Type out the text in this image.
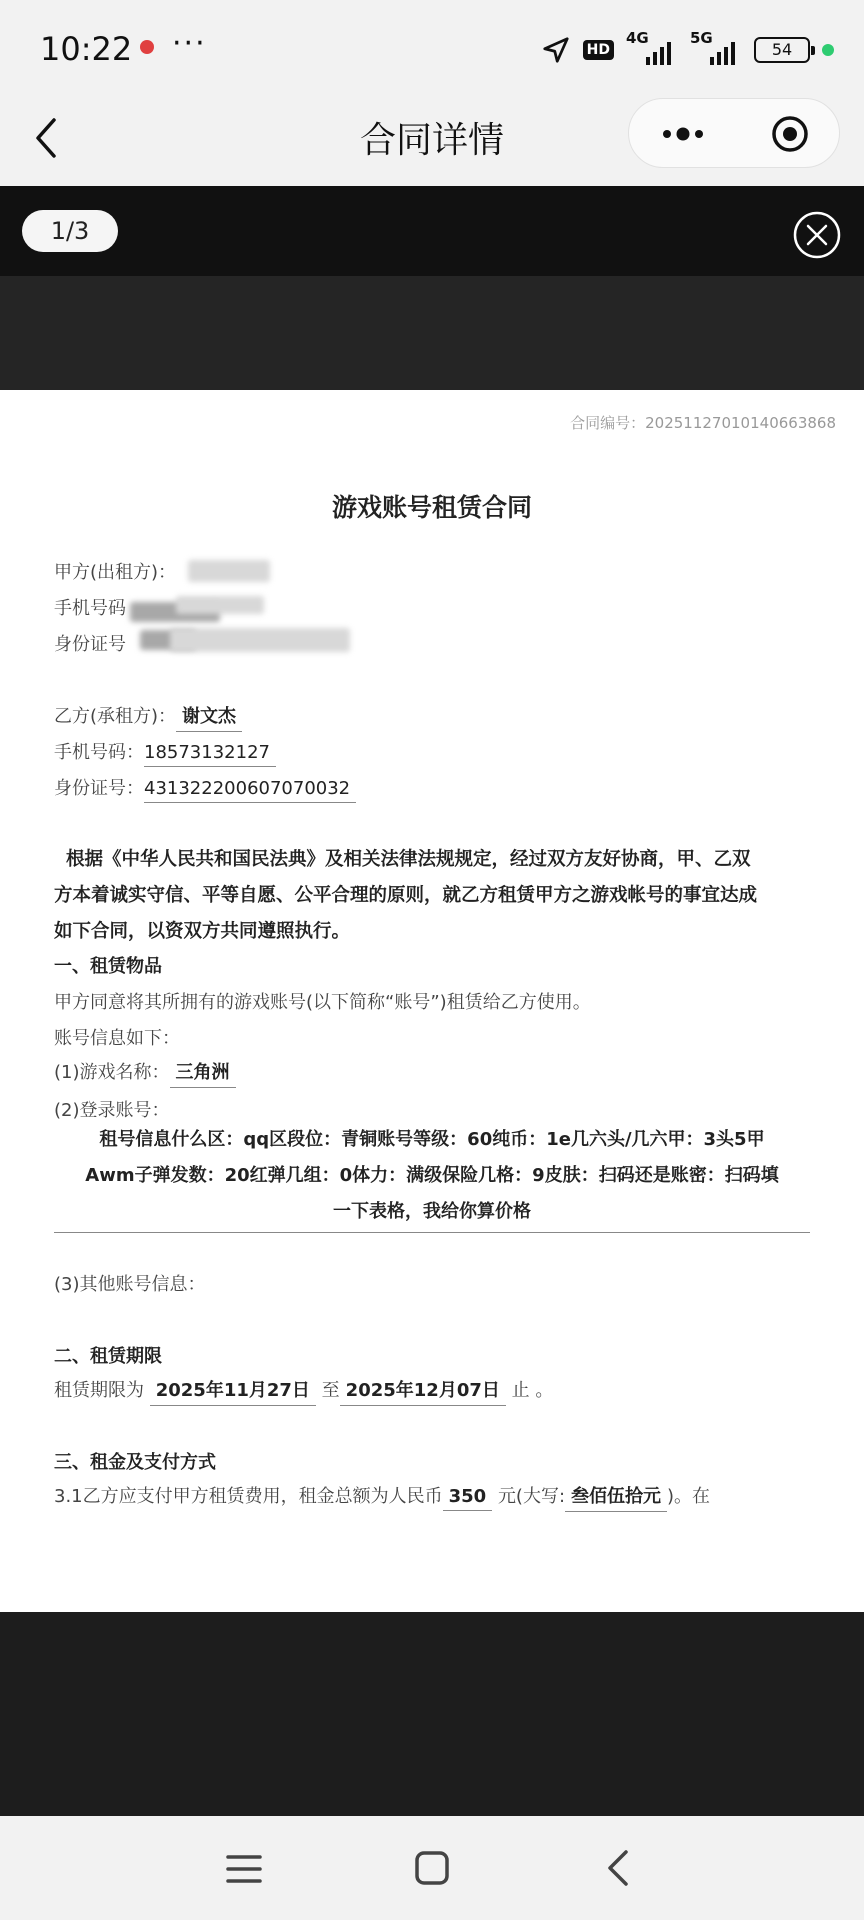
10:22 ···	HD
4G	5G
54
合同详情
1/3
合同编号：20251127010140663868
游戏账号租赁合同
甲方(出租方)：
手机号码
身份证号
乙方(承租方)： 谢文杰
手机号码：18573132127
身份证号：431322200607070032
根据《中华人民共和国民法典》及相关法律法规规定，经过双方友好协商，甲、乙双
方本着诚实守信、平等自愿、公平合理的原则，就乙方租赁甲方之游戏帐号的事宜达成
如下合同，以资双方共同遵照执行。
一、租赁物品
甲方同意将其所拥有的游戏账号(以下简称“账号”)租赁给乙方使用。
账号信息如下：
(1)游戏名称： 三角洲
(2)登录账号：
租号信息什么区：qq区段位：青铜账号等级：60纯币：1e几六头/几六甲：3头5甲
Awm子弹发数：20红弹几组：0体力：满级保险几格：9皮肤：扫码还是账密：扫码填
一下表格，我给你算价格
(3)其他账号信息：
二、租赁期限
租赁期限为 2025年11月27日 至 2025年12月07日 止 。
三、租金及支付方式
3.1乙方应支付甲方租赁费用，租金总额为人民币 350 元(大写: 叁佰伍拾元 )。在
